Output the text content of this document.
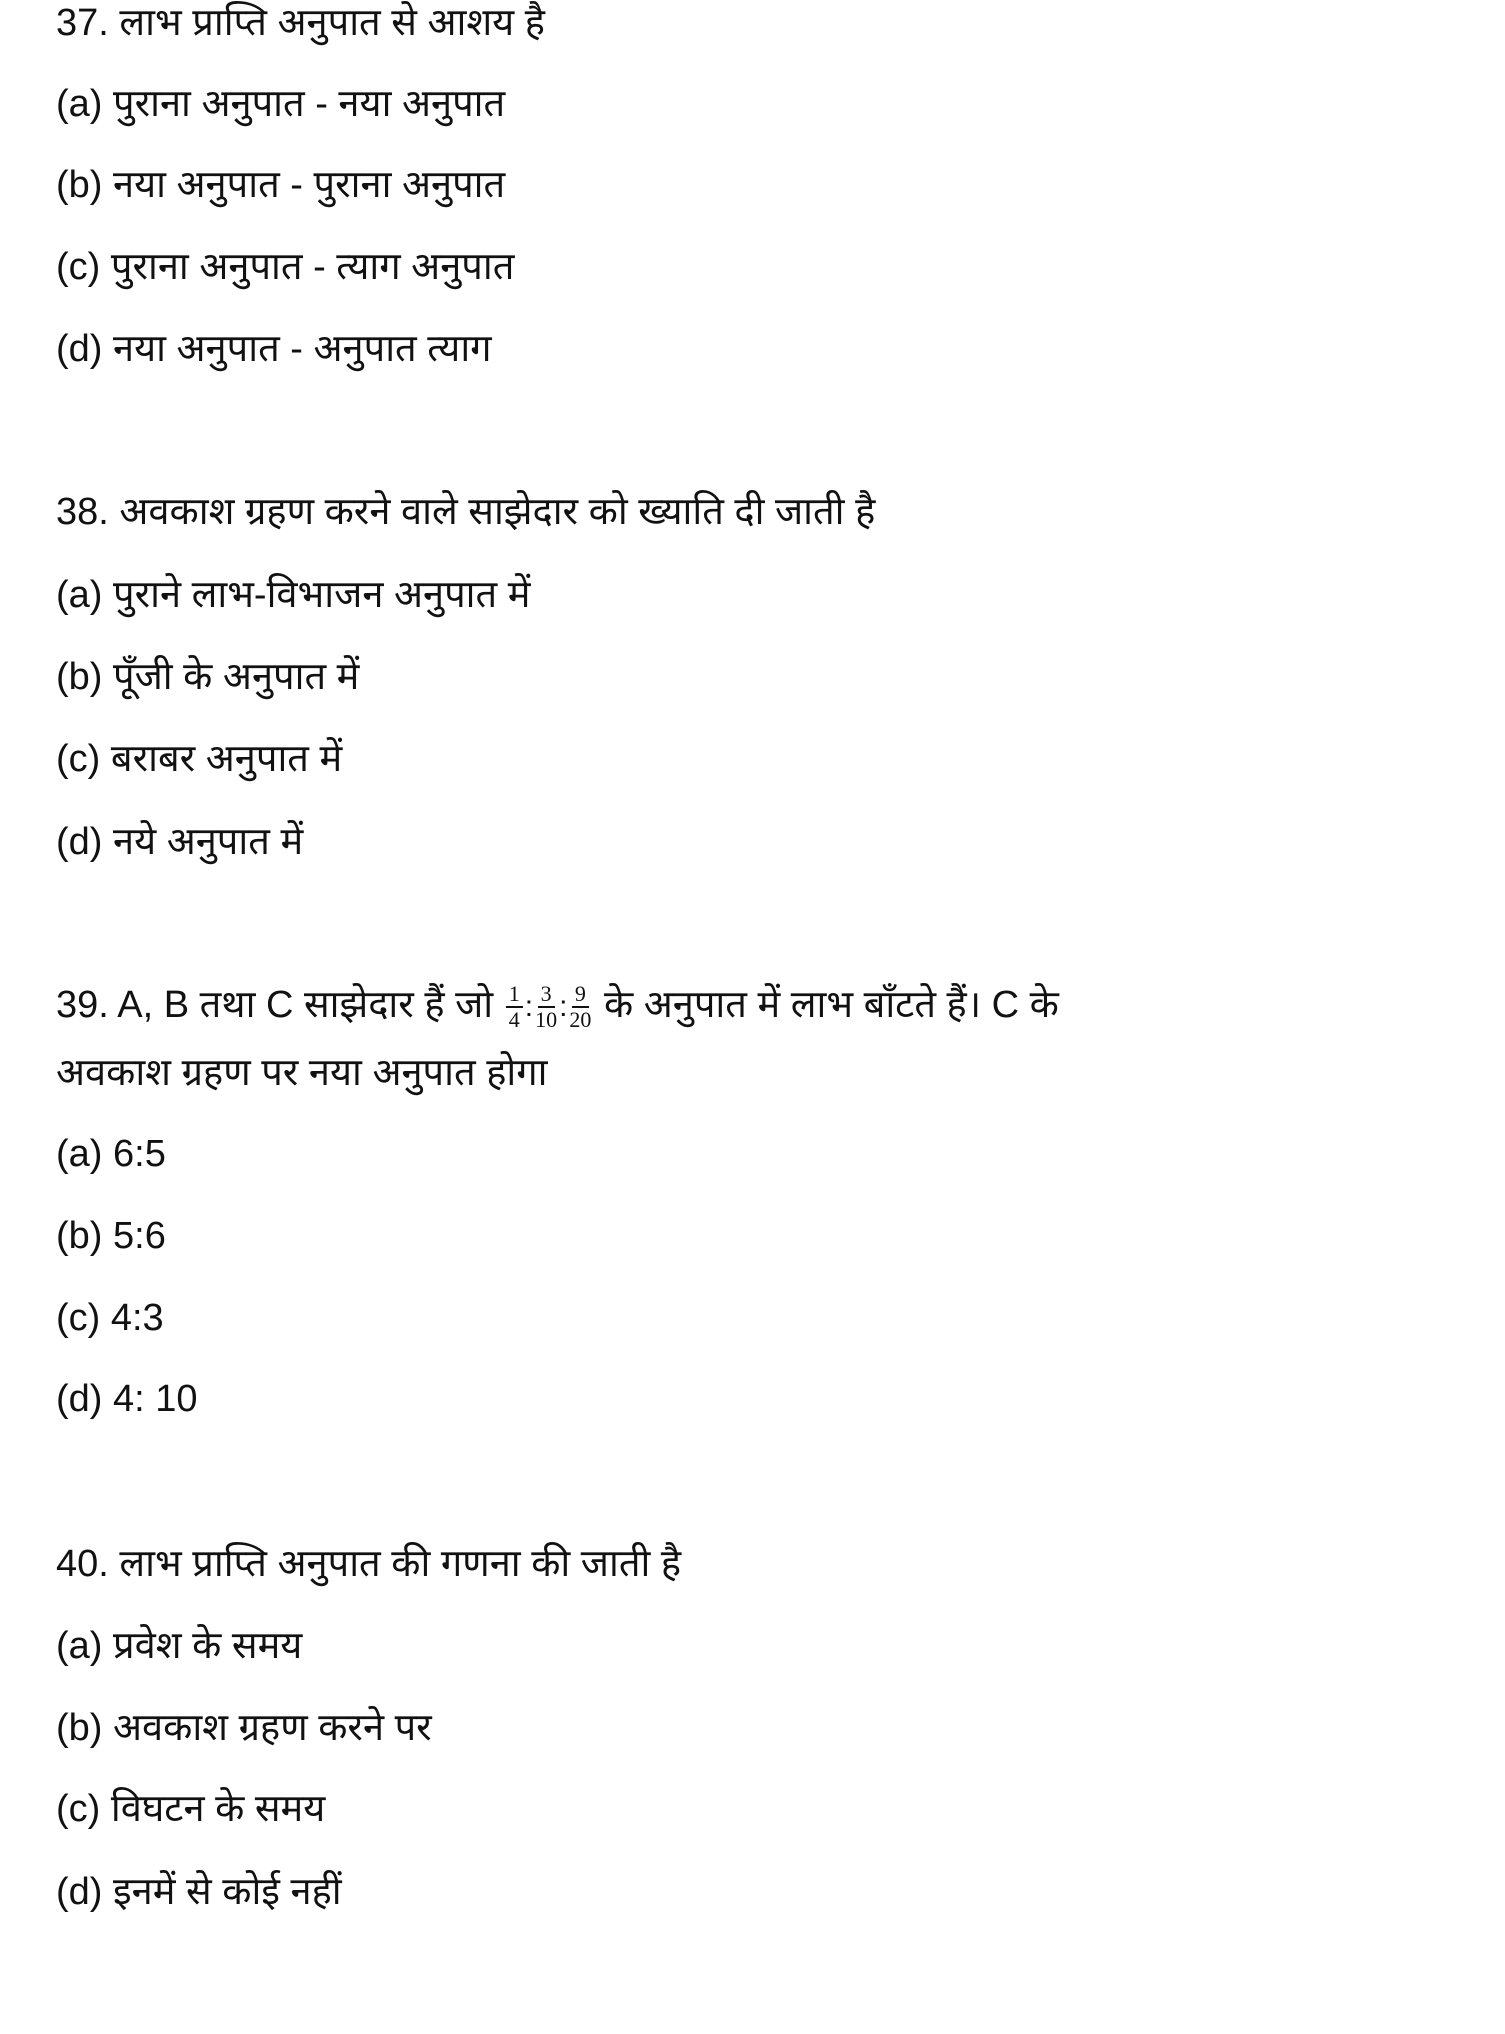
37. लाभ प्राप्ति अनुपात से आशय है
(a) पुराना अनुपात - नया अनुपात
(b) नया अनुपात - पुराना अनुपात
(c) पुराना अनुपात - त्याग अनुपात
(d) नया अनुपात - अनुपात त्याग
38. अवकाश ग्रहण करने वाले साझेदार को ख्याति दी जाती है
(a) पुराने लाभ-विभाजन अनुपात में
(b) पूँजी के अनुपात में
(c) बराबर अनुपात में
(d) नये अनुपात में
39. A, B तथा C साझेदार हैं जो $\frac{1}{4}$ : $\frac{3}{10}$ : $\frac{9}{20}$ के अनुपात में लाभ बाँटते हैं। C के
अवकाश ग्रहण पर नया अनुपात होगा
(a) 6:5
(b) 5:6
(c) 4:3
(d) 4: 10
40. लाभ प्राप्ति अनुपात की गणना की जाती है
(a) प्रवेश के समय
(b) अवकाश ग्रहण करने पर
(c) विघटन के समय
(d) इनमें से कोई नहीं
